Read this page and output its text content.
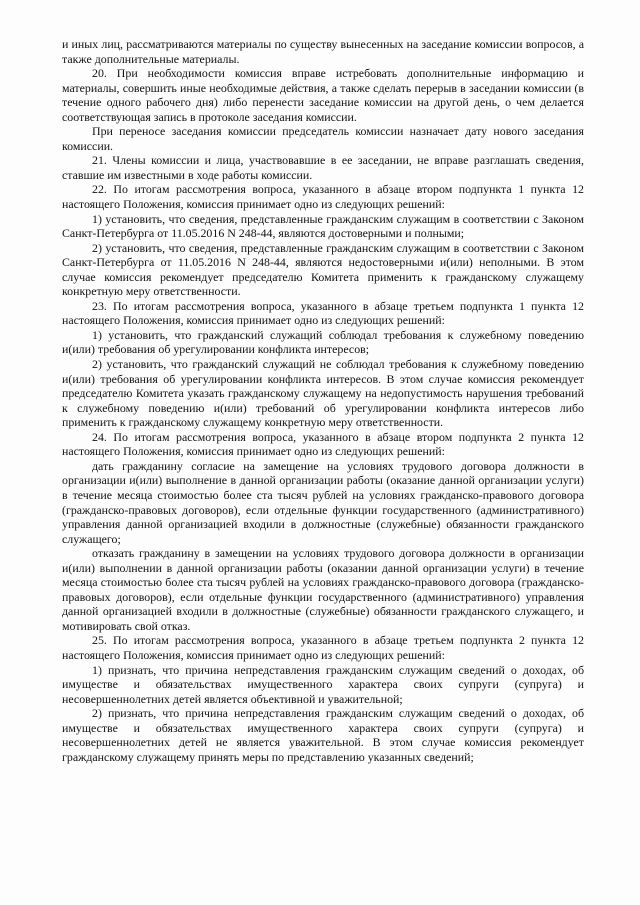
и иных лиц, рассматриваются материалы по существу вынесенных на заседание комиссии вопросов, а также дополнительные материалы.

20. При необходимости комиссия вправе истребовать дополнительные информацию и материалы, совершить иные необходимые действия, а также сделать перерыв в заседании комиссии (в течение одного рабочего дня) либо перенести заседание комиссии на другой день, о чем делается соответствующая запись в протоколе заседания комиссии.

При переносе заседания комиссии председатель комиссии назначает дату нового заседания комиссии.

21. Члены комиссии и лица, участвовавшие в ее заседании, не вправе разглашать сведения, ставшие им известными в ходе работы комиссии.

22. По итогам рассмотрения вопроса, указанного в абзаце втором подпункта 1 пункта 12 настоящего Положения, комиссия принимает одно из следующих решений:

1) установить, что сведения, представленные гражданским служащим в соответствии с Законом Санкт-Петербурга от 11.05.2016 N 248-44, являются достоверными и полными;

2) установить, что сведения, представленные гражданским служащим в соответствии с Законом Санкт-Петербурга от 11.05.2016 N 248-44, являются недостоверными и(или) неполными. В этом случае комиссия рекомендует председателю Комитета применить к гражданскому служащему конкретную меру ответственности.

23. По итогам рассмотрения вопроса, указанного в абзаце третьем подпункта 1 пункта 12 настоящего Положения, комиссия принимает одно из следующих решений:

1) установить, что гражданский служащий соблюдал требования к служебному поведению и(или) требования об урегулировании конфликта интересов;

2) установить, что гражданский служащий не соблюдал требования к служебному поведению и(или) требования об урегулировании конфликта интересов. В этом случае комиссия рекомендует председателю Комитета указать гражданскому служащему на недопустимость нарушения требований к служебному поведению и(или) требований об урегулировании конфликта интересов либо применить к гражданскому служащему конкретную меру ответственности.

24. По итогам рассмотрения вопроса, указанного в абзаце втором подпункта 2 пункта 12 настоящего Положения, комиссия принимает одно из следующих решений:

дать гражданину согласие на замещение на условиях трудового договора должности в организации и(или) выполнение в данной организации работы (оказание данной организации услуги) в течение месяца стоимостью более ста тысяч рублей на условиях гражданско-правового договора (гражданско-правовых договоров), если отдельные функции государственного (административного) управления данной организацией входили в должностные (служебные) обязанности гражданского служащего;

отказать гражданину в замещении на условиях трудового договора должности в организации и(или) выполнении в данной организации работы (оказании данной организации услуги) в течение месяца стоимостью более ста тысяч рублей на условиях гражданско-правового договора (гражданско-правовых договоров), если отдельные функции государственного (административного) управления данной организацией входили в должностные (служебные) обязанности гражданского служащего, и мотивировать свой отказ.

25. По итогам рассмотрения вопроса, указанного в абзаце третьем подпункта 2 пункта 12 настоящего Положения, комиссия принимает одно из следующих решений:

1) признать, что причина непредставления гражданским служащим сведений о доходах, об имуществе и обязательствах имущественного характера своих супруги (супруга) и несовершеннолетних детей является объективной и уважительной;

2) признать, что причина непредставления гражданским служащим сведений о доходах, об имуществе и обязательствах имущественного характера своих супруги (супруга) и несовершеннолетних детей не является уважительной. В этом случае комиссия рекомендует гражданскому служащему принять меры по представлению указанных сведений;
